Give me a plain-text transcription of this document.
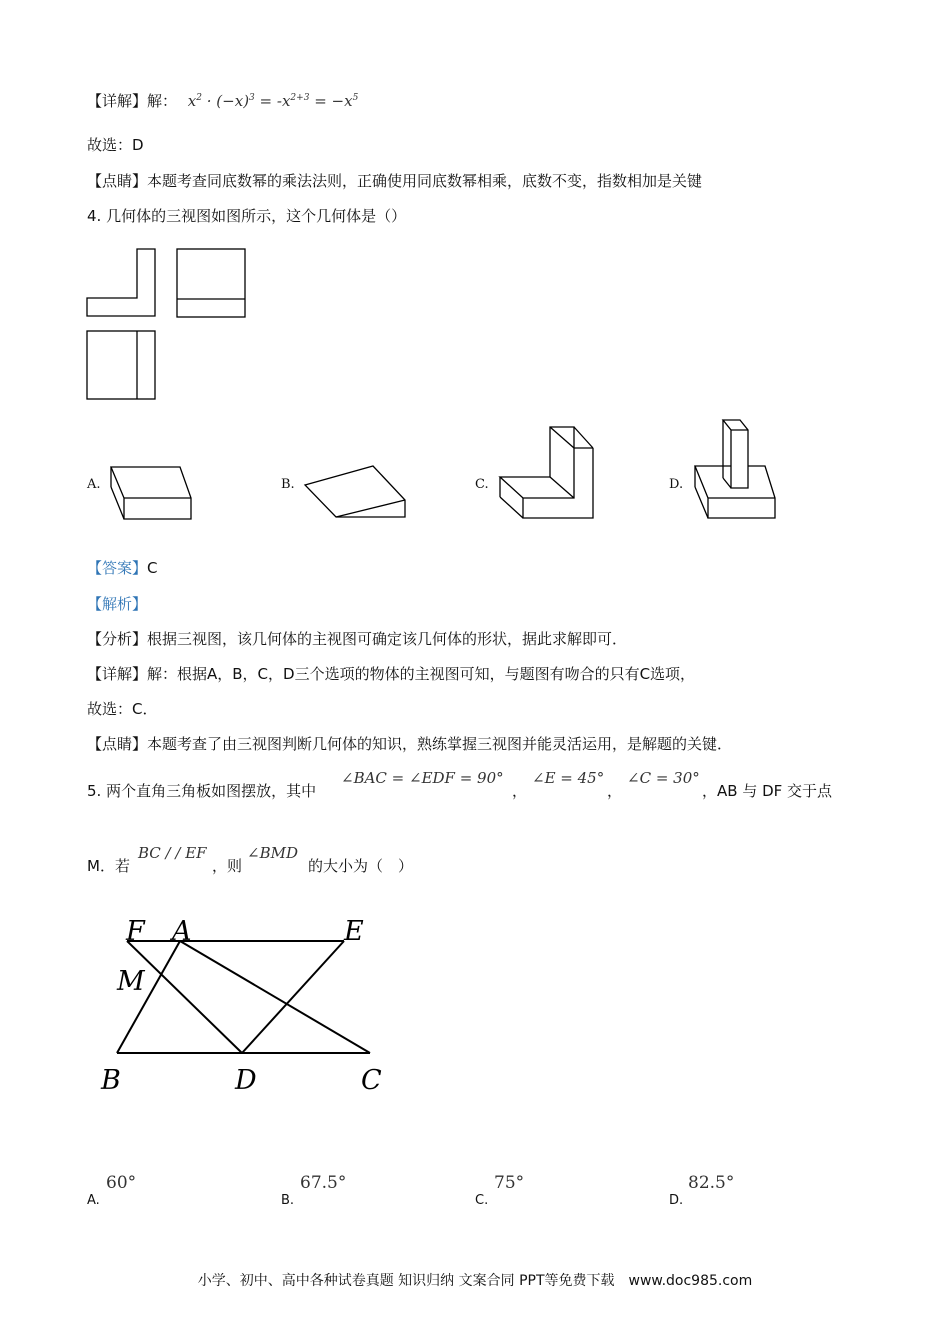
【详解】解： $x^2 \cdot (-x)^3 = -x^{2+3} = -x^5$
故选：D
【点睛】本题考查同底数幂的乘法法则，正确使用同底数幂相乘，底数不变，指数相加是关键
4. 几何体的三视图如图所示，这个几何体是（）
A.	B.	C.	D.
【答案】C
【解析】
【分析】根据三视图，该几何体的主视图可确定该几何体的形状，据此求解即可．
【详解】解：根据A，B，C，D三个选项的物体的主视图可知，与题图有吻合的只有C选项，
故选：C．
【点睛】本题考查了由三视图判断几何体的知识，熟练掌握三视图并能灵活运用，是解题的关键．
5. 两个直角三角板如图摆放，其中
∠BAC = ∠EDF = 90°
，
∠E = 45°
，
∠C = 30°
，AB 与 DF 交于点
M．若
BC / / EF
，则
∠BMD
的大小为（　）
F A	E
M
B	D	C
A.
60°
B.
67.5°
C.
75°
D.
82.5°
小学、初中、高中各种试卷真题 知识归纳 文案合同 PPT等免费下载　www.doc985.com
